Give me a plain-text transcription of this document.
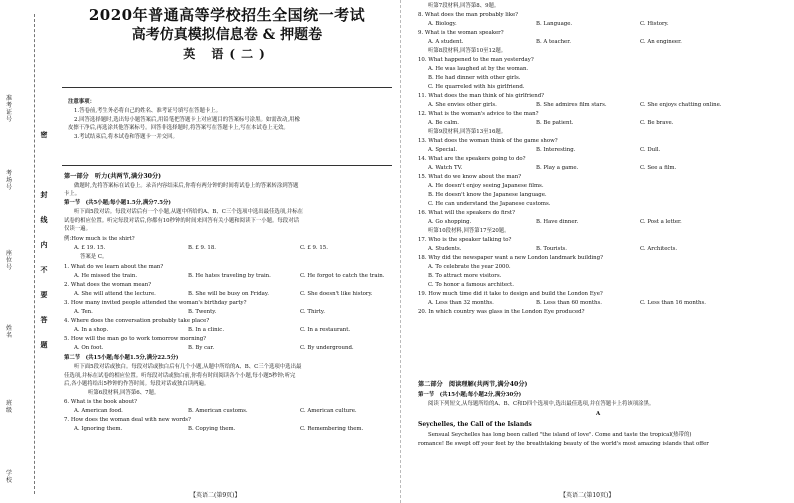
准考证号
考场号
座位号
姓名
班级
学校
密
封
线
内
不
要
答
题
2020年普通高等学校招生全国统一考试
高考仿真模拟信息卷 & 押题卷
英 语(二)
注意事项：
1.答卷前,考生务必将自己的姓名、准考证号填写在答题卡上。
2.回答选择题时,选出每小题答案后,用铅笔把答题卡上对应题目的答案标号涂黑。如需改动,用橡
皮擦干净后,再选涂其他答案标号。回答非选择题时,将答案写在答题卡上,写在本试卷上无效。
3.考试结束后,将本试卷和答题卡一并交回。
第一部分　听力(共两节,满分30分)
做题时,先将答案标在试卷上。录音内容结束后,你将有两分钟的时间将试卷上的答案转涂到答题
卡上。
第一节　(共5小题;每小题1.5分,满分7.5分)
听下面5段对话。每段对话后有一个小题,从题中所给的A、B、C三个选项中选出最佳选项,并标在
试卷的相应位置。听完每段对话后,你都有10秒钟的时间来回答有关小题和阅读下一小题。每段对话
仅读一遍。
例:How much is the shirt?
A. £ 19. 15.	B. £ 9. 18.	C. £ 9. 15.
答案是 C。
1. What do we learn about the man?
A. He missed the train.	B. He hates traveling by train.	C. He forgot to catch the train.
2. What does the woman mean?
A. She will attend the lecture.	B. She will be busy on Friday.	C. She doesn't like history.
3. How many invited people attended the woman's birthday party?
A. Ten.	B. Twenty.	C. Thirty.
4. Where does the conversation probably take place?
A. In a shop.	B. In a clinic.	C. In a restaurant.
5. How will the man go to work tomorrow morning?
A. On foot.	B. By car.	C. By underground.
第二节　(共15小题;每小题1.5分,满分22.5分)
听下面5段对话或独白。每段对话或独白后有几个小题,从题中所给的A、B、C三个选项中选出最
佳选项,并标在试卷的相应位置。听每段对话或独白前,你将有时间阅读各个小题,每小题5秒钟;听完
后,各小题将给出5秒钟的作答时间。每段对话或独白读两遍。
听第6段材料,回答第6、7题。
6. What is the book about?
A. American food.	B. American customs.	C. American culture.
7. How does the woman deal with new words?
A. Ignoring them.	B. Copying them.	C. Remembering them.
【英语二(第9页)】
听第7段材料,回答第8、9题。
8. What does the man probably like?
A. Biology.	B. Language.	C. History.
9. What is the woman speaker?
A. A student.	B. A teacher.	C. An engineer.
听第8段材料,回答第10至12题。
10. What happened to the man yesterday?
A. He was laughed at by the woman.
B. He had dinner with other girls.
C. He quarreled with his girlfriend.
11. What does the man think of his girlfriend?
A. She envies other girls.	B. She admires film stars.	C. She enjoys chatting online.
12. What is the woman's advice to the man?
A. Be calm.	B. Be patient.	C. Be brave.
听第9段材料,回答第13至16题。
13. What does the woman think of the game show?
A. Special.	B. Interesting.	C. Dull.
14. What are the speakers going to do?
A. Watch TV.	B. Play a game.	C. See a film.
15. What do we know about the man?
A. He doesn't enjoy seeing Japanese films.
B. He doesn't know the Japanese language.
C. He can understand the Japanese customs.
16. What will the speakers do first?
A. Go shopping.	B. Have dinner.	C. Post a letter.
听第10段材料,回答第17至20题。
17. Who is the speaker talking to?
A. Students.	B. Tourists.	C. Architects.
18. Why did the newspaper want a new London landmark building?
A. To celebrate the year 2000.
B. To attract more visitors.
C. To honor a famous architect.
19. How much time did it take to design and build the London Eye?
A. Less than 32 months.	B. Less than 60 months.	C. Less than 16 months.
20. In which country was glass in the London Eye produced?
第二部分　阅读理解(共两节,满分40分)
第一节　(共15小题;每小题2分,满分30分)
阅读下列短文,从每题所给的A、B、C和D四个选项中,选出最佳选项,并在答题卡上将该项涂黑。
A
Seychelles, the Call of the Islands
Sensual Seychelles has long been called "the island of love". Come and taste the tropical(热带的)
romance! Be swept off your feet by the breathtaking beauty of the world's most amazing islands that offer
【英语二(第10页)】
